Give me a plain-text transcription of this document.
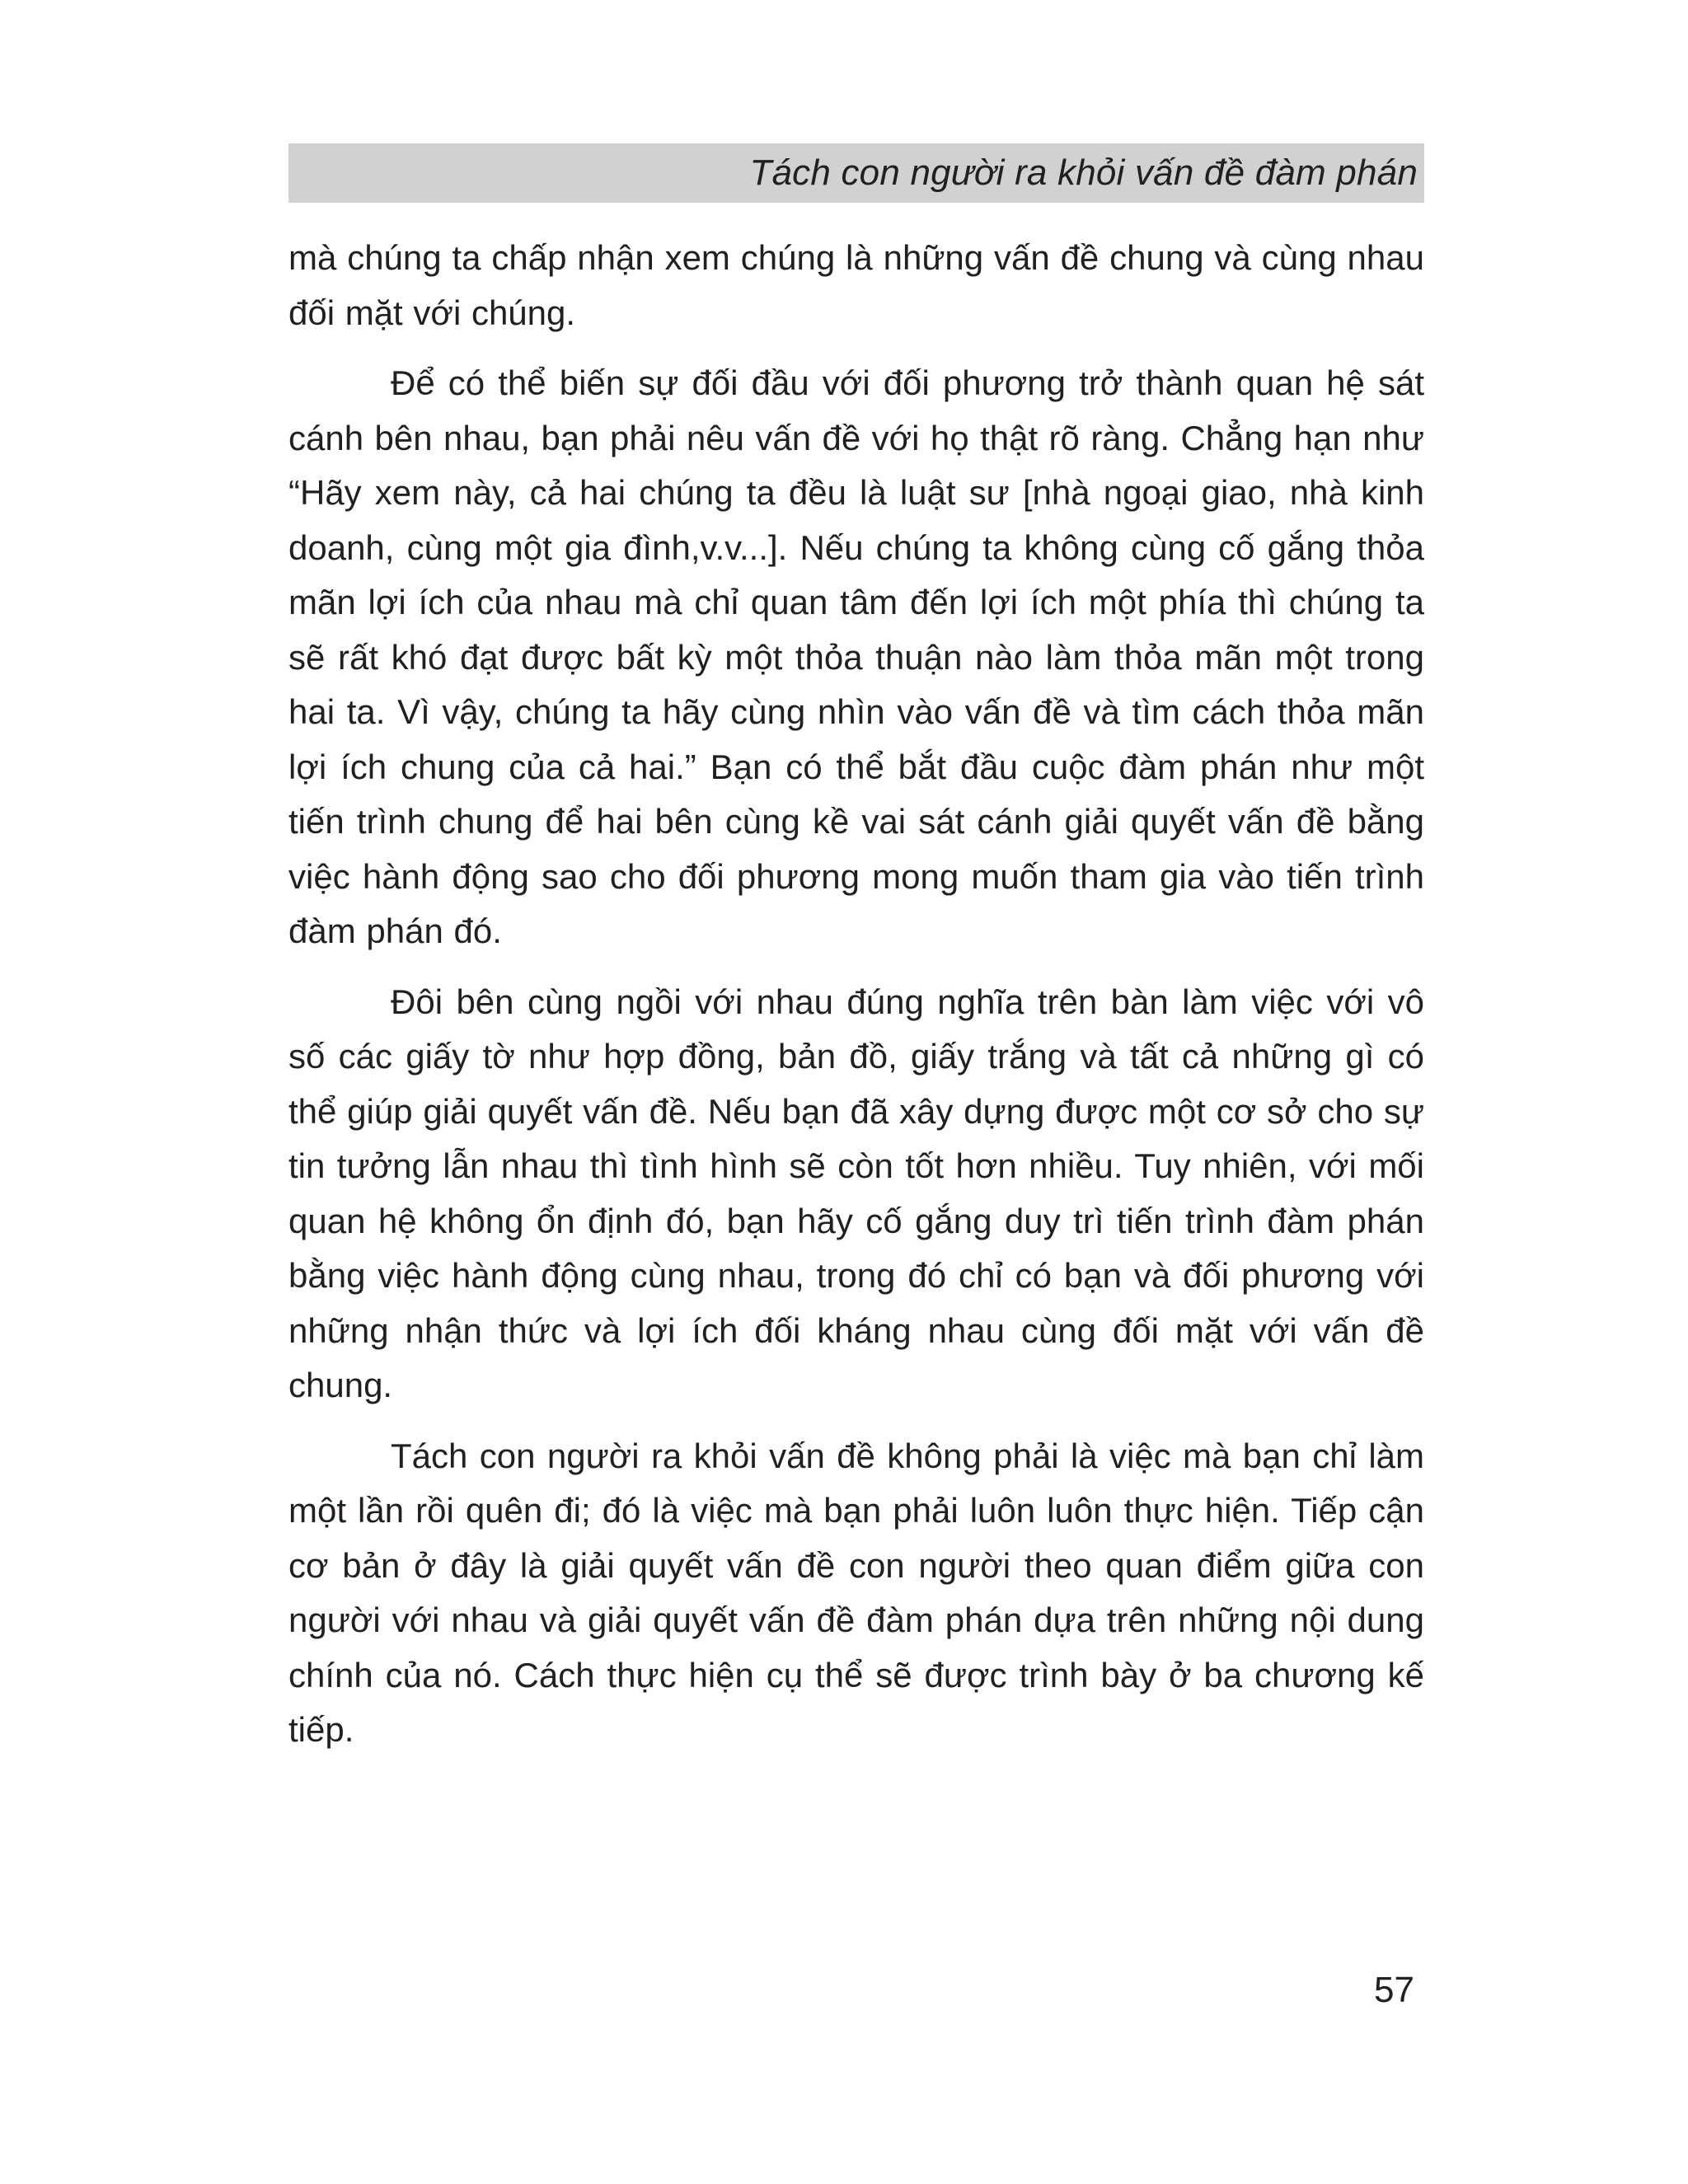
Tách con người ra khỏi vấn đề đàm phán

mà chúng ta chấp nhận xem chúng là những vấn đề chung và cùng nhau đối mặt với chúng.

Để có thể biến sự đối đầu với đối phương trở thành quan hệ sát cánh bên nhau, bạn phải nêu vấn đề với họ thật rõ ràng. Chẳng hạn như “Hãy xem này, cả hai chúng ta đều là luật sư [nhà ngoại giao, nhà kinh doanh, cùng một gia đình,v.v...]. Nếu chúng ta không cùng cố gắng thỏa mãn lợi ích của nhau mà chỉ quan tâm đến lợi ích một phía thì chúng ta sẽ rất khó đạt được bất kỳ một thỏa thuận nào làm thỏa mãn một trong hai ta. Vì vậy, chúng ta hãy cùng nhìn vào vấn đề và tìm cách thỏa mãn lợi ích chung của cả hai.” Bạn có thể bắt đầu cuộc đàm phán như một tiến trình chung để hai bên cùng kề vai sát cánh giải quyết vấn đề bằng việc hành động sao cho đối phương mong muốn tham gia vào tiến trình đàm phán đó.

Đôi bên cùng ngồi với nhau đúng nghĩa trên bàn làm việc với vô số các giấy tờ như hợp đồng, bản đồ, giấy trắng và tất cả những gì có thể giúp giải quyết vấn đề. Nếu bạn đã xây dựng được một cơ sở cho sự tin tưởng lẫn nhau thì tình hình sẽ còn tốt hơn nhiều. Tuy nhiên, với mối quan hệ không ổn định đó, bạn hãy cố gắng duy trì tiến trình đàm phán bằng việc hành động cùng nhau, trong đó chỉ có bạn và đối phương với những nhận thức và lợi ích đối kháng nhau cùng đối mặt với vấn đề chung.

Tách con người ra khỏi vấn đề không phải là việc mà bạn chỉ làm một lần rồi quên đi; đó là việc mà bạn phải luôn luôn thực hiện. Tiếp cận cơ bản ở đây là giải quyết vấn đề con người theo quan điểm giữa con người với nhau và giải quyết vấn đề đàm phán dựa trên những nội dung chính của nó. Cách thực hiện cụ thể sẽ được trình bày ở ba chương kế tiếp.

57
